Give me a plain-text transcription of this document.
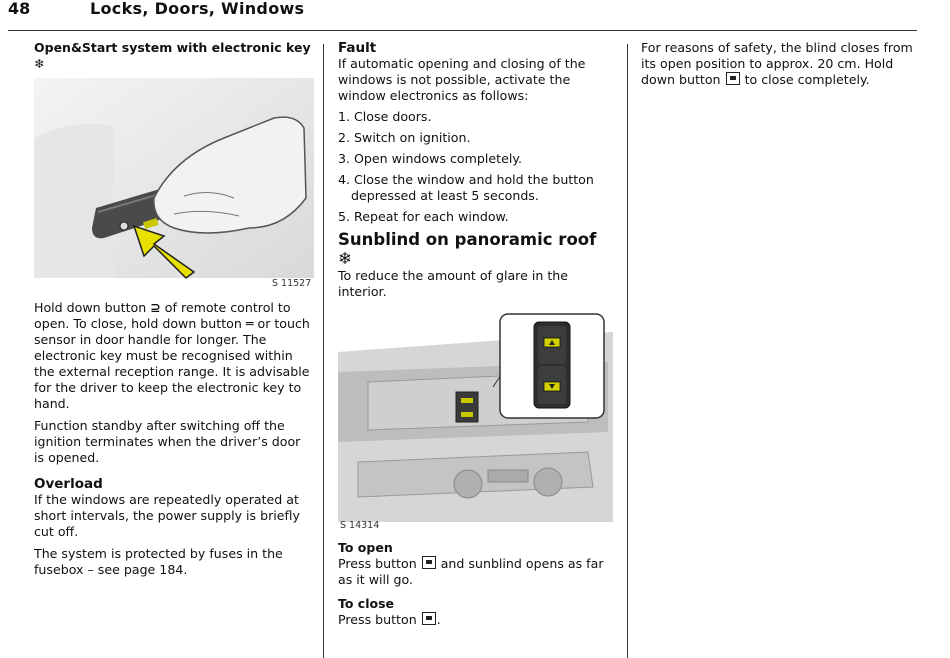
48	Locks, Doors, Windows
Open&Start system with electronic key ❄
S 11527

Hold down button ⊇ of remote control to open. To close, hold down button ═ or touch sensor in door handle for longer. The electronic key must be recognised within the external reception range. It is advisable for the driver to keep the electronic key to hand.

Function standby after switching off the ignition terminates when the driver’s door is opened.

Overload

If the windows are repeatedly operated at short intervals, the power supply is briefly cut off.

The system is protected by fuses in the fusebox – see page 184.

Fault

If automatic opening and closing of the windows is not possible, activate the window electronics as follows:

1. Close doors.
2. Switch on ignition.
3. Open windows completely.
4. Close the window and hold the button depressed at least 5 seconds.
5. Repeat for each window.
Sunblind on panoramic roof ❄

To reduce the amount of glare in the interior.

S 14314
To open

Press button and sunblind opens as far as it will go.

To close

Press button .

For reasons of safety, the blind closes from its open position to approx. 20 cm. Hold down button to close completely.
